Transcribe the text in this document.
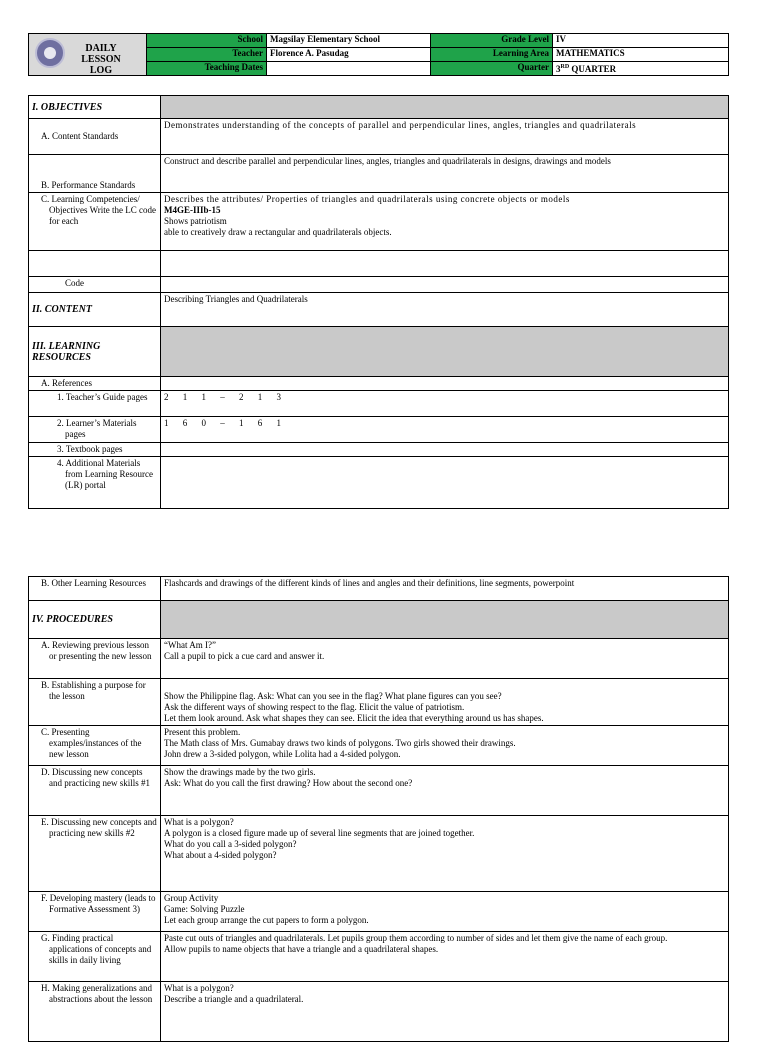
DAILY
LESSON LOG	School	Magsilay Elementary School	Grade Level	IV
	Teacher	Florence A. Pasudag	Learning Area	MATHEMATICS
	Teaching Dates		Quarter	3RD QUARTER
I. OBJECTIVES	
A. Content Standards	Demonstrates understanding of the concepts of parallel and perpendicular lines, angles, triangles and quadrilaterals
B. Performance Standards	Construct and describe parallel and perpendicular lines, angles, triangles and quadrilaterals in designs, drawings and models
C. Learning Competencies/ Objectives Write the LC code for each	Describes the attributes/ Properties of triangles and quadrilaterals using concrete objects or models

M4GE-IIIb-15

Shows patriotism

able to creatively draw a rectangular and quadrilaterals objects.

Code	
II. CONTENT	Describing Triangles and Quadrilaterals
III. LEARNING RESOURCES	
A. References	
1. Teacher’s Guide pages	2 1 1 – 2 1 3
2. Learner’s Materials pages	1 6 0 – 1 6 1
3. Textbook pages	
4. Additional Materials from Learning Resource (LR) portal	
B. Other Learning Resources	Flashcards and drawings of the different kinds of lines and angles and their definitions, line segments, powerpoint
IV. PROCEDURES	
A. Reviewing previous lesson or presenting the new lesson	“What Am I?”

Call a pupil to pick a cue card and answer it.

B. Establishing a purpose for the lesson	Show the Philippine flag. Ask: What can you see in the flag? What plane figures can you see?

Ask the different ways of showing respect to the flag. Elicit the value of patriotism.

Let them look around. Ask what shapes they can see. Elicit the idea that everything around us has shapes.

C. Presenting examples/instances of the new lesson	Present this problem.

The Math class of Mrs. Gumabay draws two kinds of polygons. Two girls showed their drawings.

John drew a 3-sided polygon, while Lolita had a 4-sided polygon.

D. Discussing new concepts and practicing new skills #1	Show the drawings made by the two girls.

Ask: What do you call the first drawing? How about the second one?

E. Discussing new concepts and practicing new skills #2	What is a polygon?

A polygon is a closed figure made up of several line segments that are joined together.

What do you call a 3-sided polygon?

What about a 4-sided polygon?

F. Developing mastery (leads to Formative Assessment 3)	Group Activity

Game: Solving Puzzle

Let each group arrange the cut papers to form a polygon.

G. Finding practical applications of concepts and skills in daily living	Paste cut outs of triangles and quadrilaterals. Let pupils group them according to number of sides and let them give the name of each group.

Allow pupils to name objects that have a triangle and a quadrilateral shapes.

H. Making generalizations and abstractions about the lesson	What is a polygon?

Describe a triangle and a quadrilateral.
